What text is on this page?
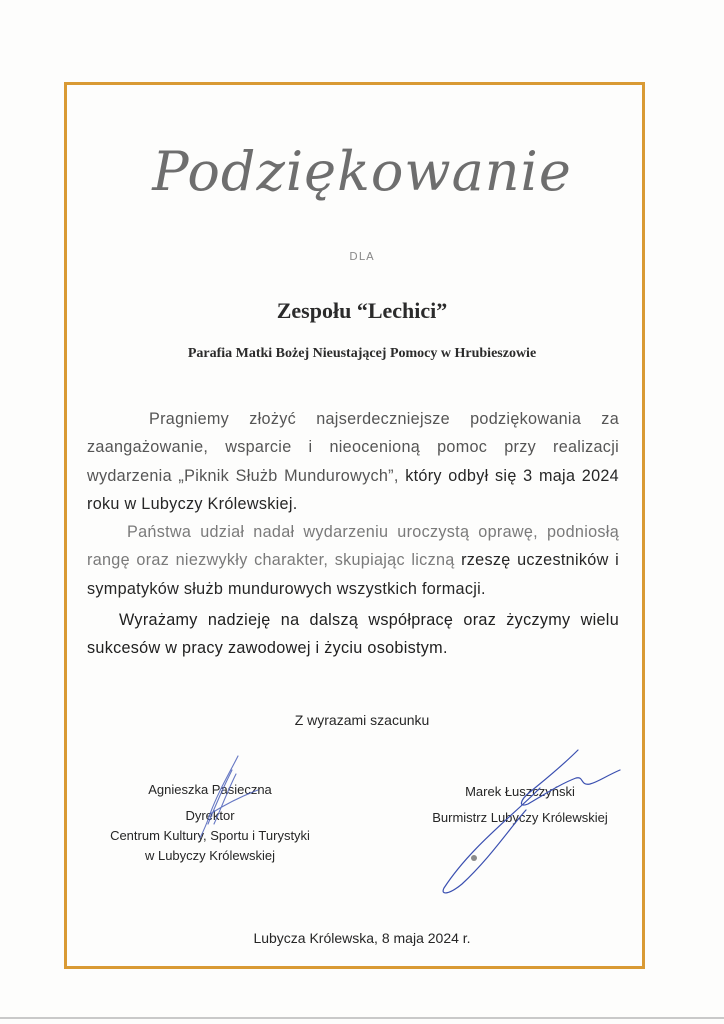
Podziękowanie
DLA
Zespołu “Lechici”
Parafia Matki Bożej Nieustającej Pomocy w Hrubieszowie

Pragniemy złożyć najserdeczniejsze podziękowania za zaangażowanie, wsparcie i nieocenioną pomoc przy realizacji wydarzenia „Piknik Służb Mundurowych”, który odbył się 3 maja 2024 roku w Lubyczy Królewskiej.

Państwa udział nadał wydarzeniu uroczystą oprawę, podniosłą rangę oraz niezwykły charakter, skupiając liczną rzeszę uczestników i sympatyków służb mundurowych wszystkich formacji.

Wyrażamy nadzieję na dalszą współpracę oraz życzymy wielu sukcesów w pracy zawodowej i życiu osobistym.

Z wyrazami szacunku
Agnieszka Pasieczna
Dyrektor
Centrum Kultury, Sportu i Turystyki
w Lubyczy Królewskiej
Marek Łuszczyński
Burmistrz Lubyczy Królewskiej
Lubycza Królewska, 8 maja 2024 r.
